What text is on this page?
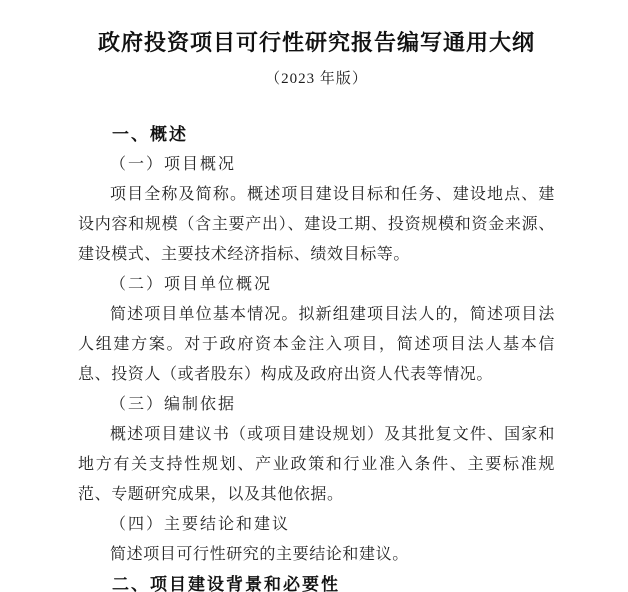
政府投资项目可行性研究报告编写通用大纲
（2023 年版）
一、概述
（一）项目概况
项目全称及简称。概述项目建设目标和任务、建设地点、建设内容和规模（含主要产出）、建设工期、投资规模和资金来源、建设模式、主要技术经济指标、绩效目标等。
（二）项目单位概况
简述项目单位基本情况。拟新组建项目法人的，简述项目法人组建方案。对于政府资本金注入项目，简述项目法人基本信息、投资人（或者股东）构成及政府出资人代表等情况。
（三）编制依据
概述项目建议书（或项目建设规划）及其批复文件、国家和地方有关支持性规划、产业政策和行业准入条件、主要标准规范、专题研究成果，以及其他依据。
（四）主要结论和建议
简述项目可行性研究的主要结论和建议。
二、项目建设背景和必要性
